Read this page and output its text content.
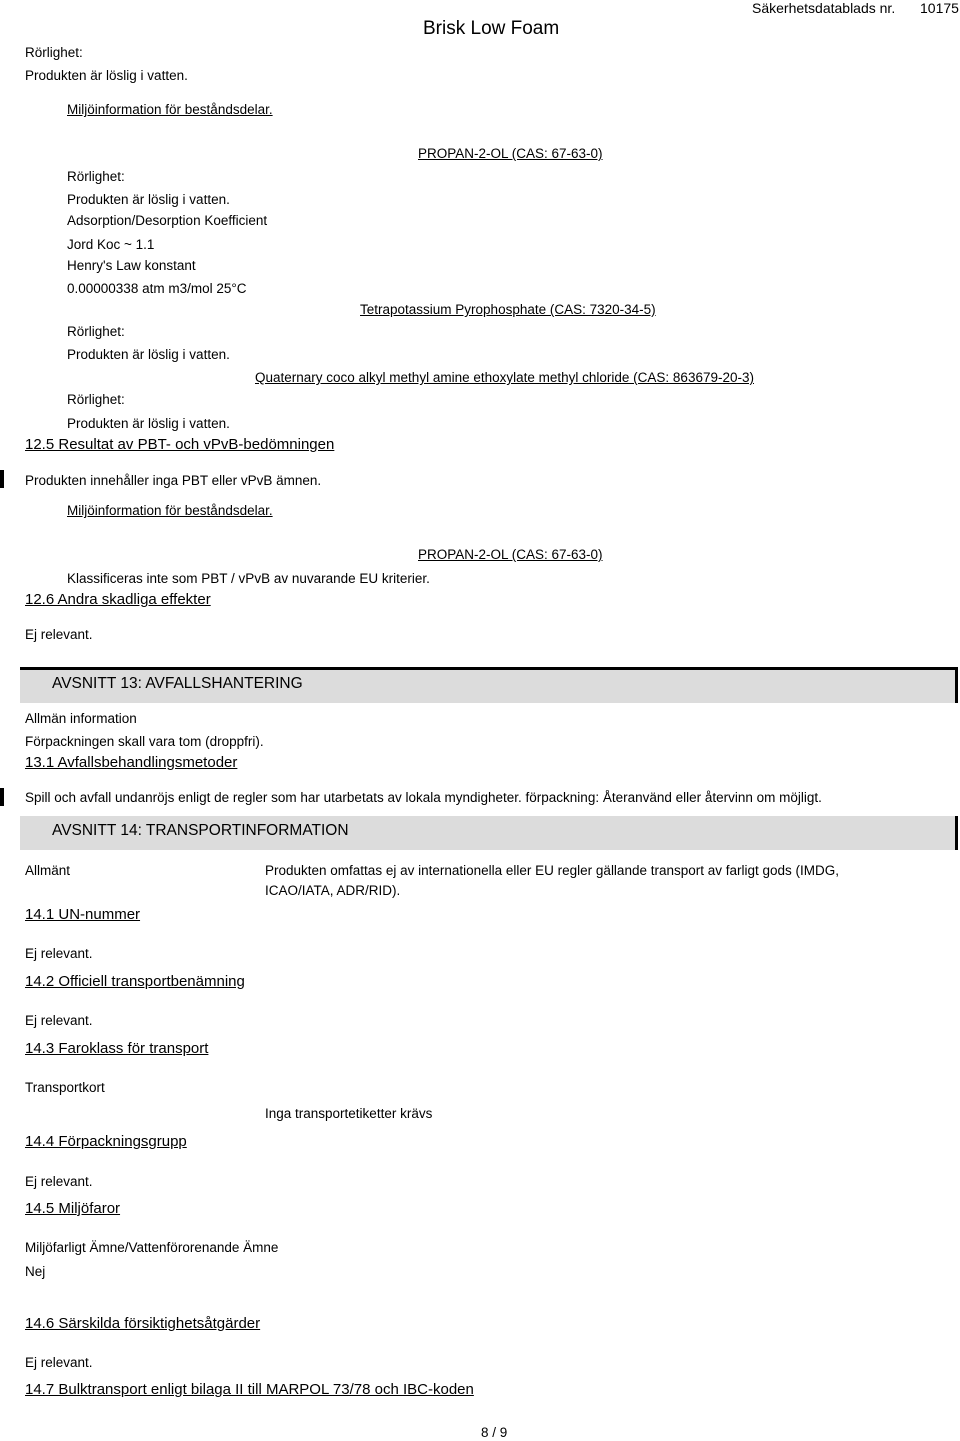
Brisk Low Foam
Säkerhetsdatablads nr. 10175
Rörlighet:
Produkten är löslig i vatten.
Miljöinformation för beståndsdelar.
PROPAN-2-OL (CAS: 67-63-0)
Rörlighet:
Produkten är löslig i vatten.
Adsorption/Desorption Koefficient
Jord Koc ~ 1.1
Henry's Law konstant
0.00000338 atm m3/mol 25°C
Tetrapotassium Pyrophosphate (CAS: 7320-34-5)
Rörlighet:
Produkten är löslig i vatten.
Quaternary coco alkyl methyl amine ethoxylate methyl chloride (CAS: 863679-20-3)
Rörlighet:
Produkten är löslig i vatten.
12.5 Resultat av PBT- och vPvB-bedömningen
Produkten innehåller inga PBT eller vPvB ämnen.
Miljöinformation för beståndsdelar.
PROPAN-2-OL (CAS: 67-63-0)
Klassificeras inte som PBT / vPvB av nuvarande EU kriterier.
12.6 Andra skadliga effekter
Ej relevant.
AVSNITT 13: AVFALLSHANTERING
Allmän information
Förpackningen skall vara tom (droppfri).
13.1 Avfallsbehandlingsmetoder
Spill och avfall undanröjs enligt de regler som har utarbetats av lokala myndigheter. förpackning: Återanvänd eller återvinn om möjligt.
AVSNITT 14: TRANSPORTINFORMATION
Allmänt	Produkten omfattas ej av internationella eller EU regler gällande transport av farligt gods (IMDG,
ICAO/IATA, ADR/RID).
14.1 UN-nummer
Ej relevant.
14.2 Officiell transportbenämning
Ej relevant.
14.3 Faroklass för transport
Transportkort
Inga transportetiketter krävs
14.4 Förpackningsgrupp
Ej relevant.
14.5 Miljöfaror
Miljöfarligt Ämne/Vattenförorenande Ämne
Nej
14.6 Särskilda försiktighetsåtgärder
Ej relevant.
14.7 Bulktransport enligt bilaga II till MARPOL 73/78 och IBC-koden
8 / 9
